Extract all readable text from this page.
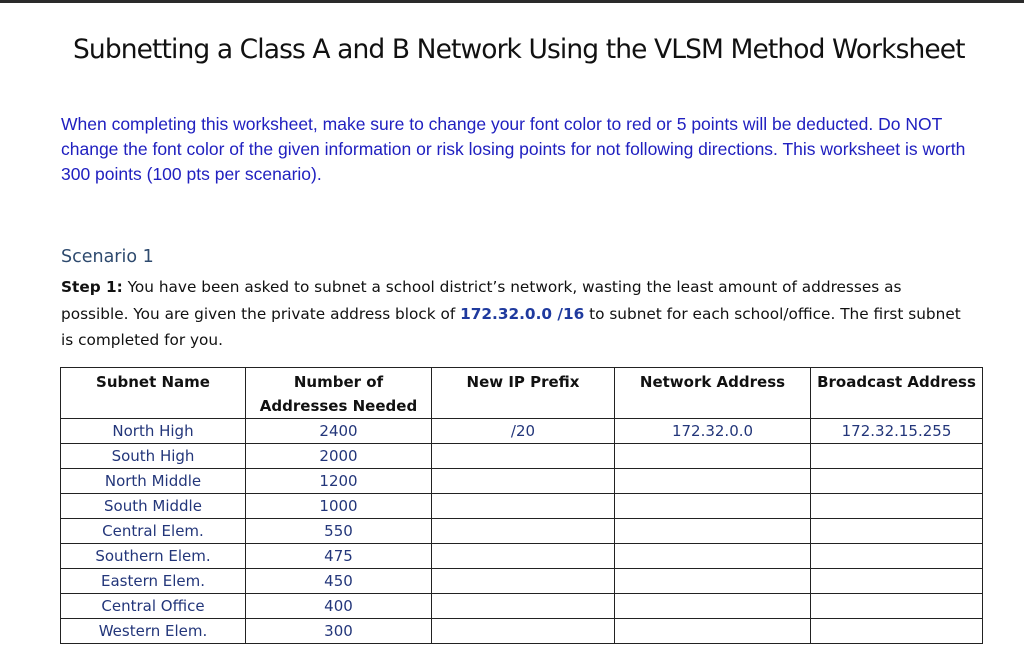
Subnetting a Class A and B Network Using the VLSM Method Worksheet
When completing this worksheet, make sure to change your font color to red or 5 points will be deducted. Do NOT change the font color of the given information or risk losing points for not following directions. This worksheet is worth 300 points (100 pts per scenario).
Scenario 1
Step 1: You have been asked to subnet a school district’s network, wasting the least amount of addresses as possible. You are given the private address block of 172.32.0.0 /16 to subnet for each school/office. The first subnet is completed for you.
Subnet Name	Number of Addresses Needed	New IP Prefix	Network Address	Broadcast Address
North High	2400	/20	172.32.0.0	172.32.15.255
South High	2000			
North Middle	1200			
South Middle	1000			
Central Elem.	550			
Southern Elem.	475			
Eastern Elem.	450			
Central Office	400			
Western Elem.	300			
